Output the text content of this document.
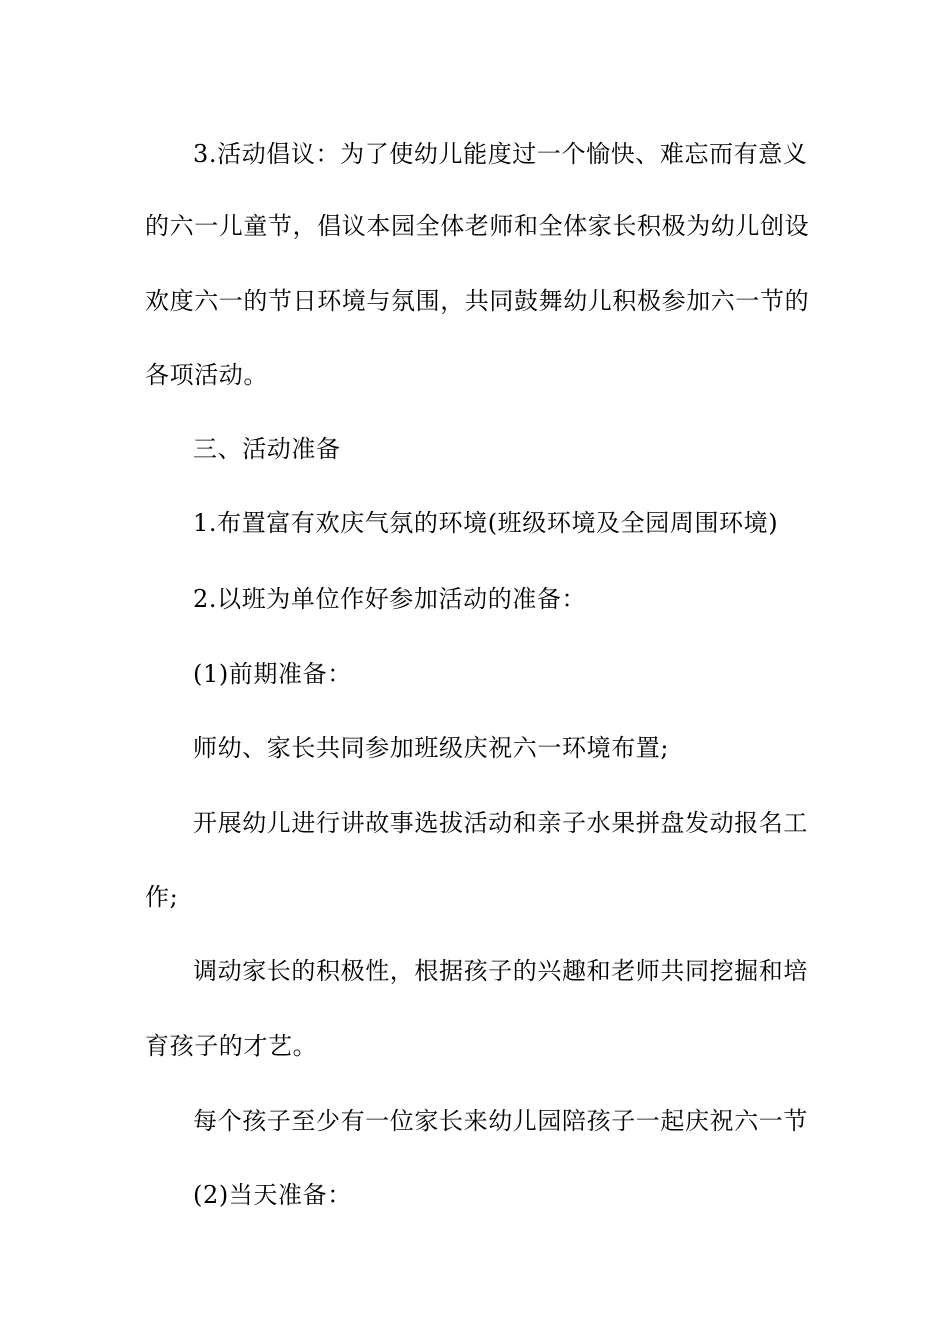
3.活动倡议：为了使幼儿能度过一个愉快、难忘而有意义
的六一儿童节，倡议本园全体老师和全体家长积极为幼儿创设
欢度六一的节日环境与氛围，共同鼓舞幼儿积极参加六一节的
各项活动。
三、活动准备
1.布置富有欢庆气氛的环境(班级环境及全园周围环境)
2.以班为单位作好参加活动的准备：
(1)前期准备：
师幼、家长共同参加班级庆祝六一环境布置;
开展幼儿进行讲故事选拔活动和亲子水果拼盘发动报名工
作;
调动家长的积极性，根据孩子的兴趣和老师共同挖掘和培
育孩子的才艺。
每个孩子至少有一位家长来幼儿园陪孩子一起庆祝六一节
(2)当天准备：
